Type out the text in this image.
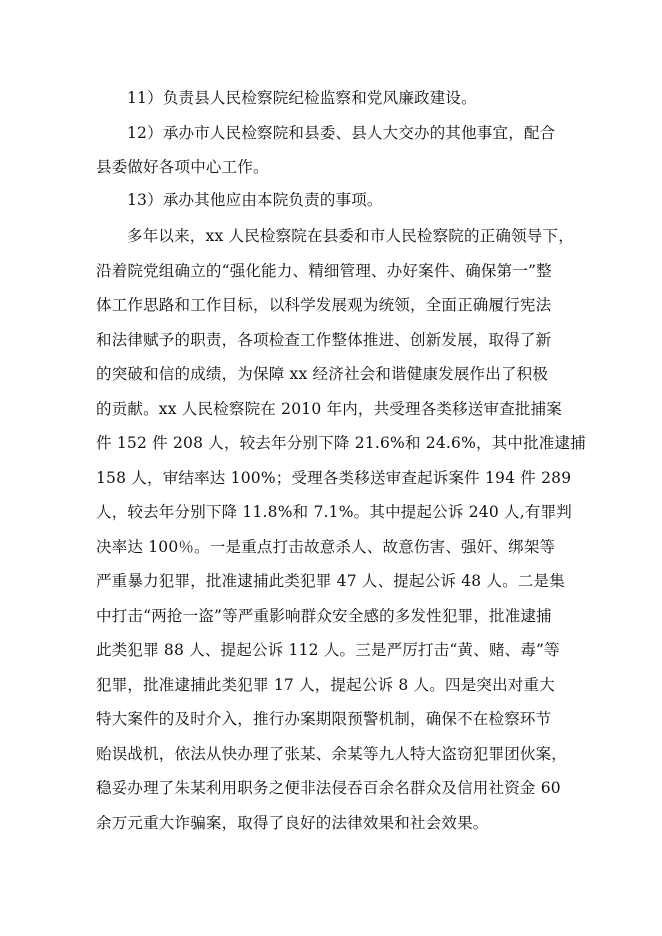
11）负责县人民检察院纪检监察和党风廉政建设。
12）承办市人民检察院和县委、县人大交办的其他事宜，配合
县委做好各项中心工作。
13）承办其他应由本院负责的事项。
多年以来，xx 人民检察院在县委和市人民检察院的正确领导下，
沿着院党组确立的“强化能力、精细管理、办好案件、确保第一”整
体工作思路和工作目标，以科学发展观为统领，全面正确履行宪法
和法律赋予的职责，各项检查工作整体推进、创新发展，取得了新
的突破和信的成绩，为保障 xx 经济社会和谐健康发展作出了积极
的贡献。xx 人民检察院在 2010 年内，共受理各类移送审查批捕案
件 152 件 208 人，较去年分别下降 21.6%和 24.6%，其中批准逮捕
158 人，审结率达 100%；受理各类移送审查起诉案件 194 件 289
人，较去年分别下降 11.8%和 7.1%。其中提起公诉 240 人,有罪判
决率达 100％。一是重点打击故意杀人、故意伤害、强奸、绑架等
严重暴力犯罪，批准逮捕此类犯罪 47 人、提起公诉 48 人。二是集
中打击“两抢一盗”等严重影响群众安全感的多发性犯罪，批准逮捕
此类犯罪 88 人、提起公诉 112 人。三是严厉打击“黄、赌、毒”等
犯罪，批准逮捕此类犯罪 17 人，提起公诉 8 人。四是突出对重大
特大案件的及时介入，推行办案期限预警机制，确保不在检察环节
贻误战机，依法从快办理了张某、余某等九人特大盗窃犯罪团伙案，
稳妥办理了朱某利用职务之便非法侵吞百余名群众及信用社资金 60
余万元重大诈骗案，取得了良好的法律效果和社会效果。
